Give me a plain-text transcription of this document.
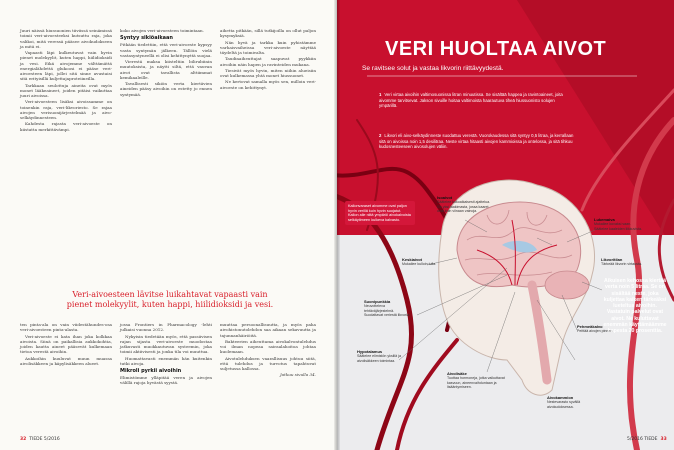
Juuri näissä hiussuonien tiiviissä seinämissä toimii veri-aivoesteeksi kutsuttu raja, joka valikoi, mitä veressä pääsee aivokudokseen ja mitä ei.

Vapaasti läpi kulkeutuvat vain hyvin pienet molekyylit, kuten happi, hiilidioksidi ja vesi. Eikä aivojemme välttämättä energialähdettä glukoosi ei pääse veri-aivoesteen läpi, jollei sitä sinne avustaisi sitä erityisillä kuljettajaproteiineilla.

Tarkkaan seulottuja aineita ovat myös monet lääkeaineet, joiden pitäisi vaikuttaa juuri aivoissa.

Veri-aivoesteen lisäksi aivoissamme on toinenkin raja, veri-likvoriesto. Se rajaa aivojen verisuonijärjestelmää ja aivo-selkäydinnesteen.

Kahdesta rajasta veri-aivoeste on kiistatta merkittävämpi.

koko aivojen veri-aivoesteen toimintaan.

Syntyy sikiöaikaan

Pitkään tiedettiin, että veri-aivoeste kypsyy vasta syntymän jälkeen. Tällöin vielä vastasyntyneellä ei olisi kehittynyttä suojaa.

Vierestä maksa kiisteltiin bilirubiinin muutoksista, ja näytti siltä, että vauvan aivot ovat tavallista alttiimmat kemikaaleille.

Tavallisesti sikiön verta kiertävien aineiden pääsy aivoihin on estetty jo ennen syntymää.

aihetta pitkään, sillä tutkijoilla on ollut paljon kysymyksiä.

Nän hyvä ja tarkka kuin pyhistämme varhaisvaiheissa veri-aivoeste näyttää täydeltä ja toimivalta.

Taudinaiheuttajat saapuvat pyykkiin aivoihin näin hapen ja ravinteiden mukana.

Tiesivät myös hyvin, miten niihin alueisiin ovat kulkemassa yhtä monet hiussuonet.

Ne kertovat samalla myös sen, milloin veri-aivoeste on kehittynyt.

Veri-aivoesteen lävitse luikahtavat vapaasti vain pienet molekyylit, kuten happi, hiilidioksidi ja vesi.

ten pinta-ala on vain viidestähundes-osa veri-aivoesteen pinta-alasta.

Veri-aivoeste ei kata ihan joka kolkkaa aivoista. Siinä on paikallisia aukkokohtia, joiden kautta aineet pääsevät kulkemaan tietoa verestä aivoihin.

Aukkoihin kuuluvat muun muassa aivolisäkkeen ja käpylisäkkeen alueet.

jossa Frontiers in Pharmacology -lehti julkaisi vuonna 2012.

Nykyisin tiedetään myös, että passiivisen rajan sijasta veri-aivoeste muodostaa jatkuvasti muokkautuvan systeemin, joka toimii aktiivisesti ja jonka tila voi muuttua.

Huomattavasti enemmän hän kuitenkin tutki aivoja.

Mikroli pyrkii aivoihin

Elimistömme ylläpitää veren ja aivojen välillä rajoja hyvästä syystä.

muuttaa persoonallisuutta, ja myös paha aivohistonutolehdon saa aikaan sekavuutta ja tajunnanhäiriöitä.

Bakteerien aiheuttama aivokalvontulehdus voi ilman nopeaa sairaalahoitoa johtaa kuolemaan.

Aivotulehduksen vaarallisuus johtuu siitä, että tulehdus ja turvotus tapahtuvat suljetussa kallossa.

Jatkuu sivulla 34.

32 TIEDE 5/2016
VERI HUOLTAA AIVOT
Se ravitsee solut ja vastaa likvorin riittävyydestä.
1 Veri virtaa aivoihin valtimosuonissa litran minuutissa. Se sisältää happea ja ravintoaineet, joita aivomme tarvitsevat. Jakson sivuille hoitaa valtimoista haarautuva tiheä hiussuonisto solujen ympärillä.
2 Likvori eli aivo-selkäydinneste suodattuu verestä. Vuorokaudessa sitä syntyy 0,5 litraa, ja kerrallaan sitä on aivoissa noin 1,5 desilitraa. Neste virtaa hitaasti aivojen kammioissa ja ontelossa, ja sitä tihkuu kudosnesteeseen aivosolujen väliin.
Kallonvaraset aivomme ovat paljon hyvin verillä kuin hyvin suojatut. Kallon alle niitä ympäröi aivokalvoista selkäytimeen kulkeva kalvasto.
Isoaivot
Säätelee kokoaikaisesti ajattelua. On yksi laakimasta, jossa kaaret ovat kuin viinaan vainoja.
Keskiaivot
Mukailee kulloin tulla.
Lukemaiva
Mukailee kovaksi vaan. Säätelee kaaleiden liikkuvista.
Suonipunkkia
Neuvotteleva tehtäväjärjestelmä. Suodattavat veriestä likvoria.
Hypotalamus
Säätelee elimistön yksiliä ja aivolisäkkeen toimintaa.
Aivolisäke
Tuottaa hormoneja, jotka vaikuttavat kasvuun, aineenvaihduntaan ja lisääntymiseen.
Pehmeäkalvo
Peittää aivojen pinnan.
Aivokammion
Nestevarasto syvällä aivokudoksessa.
Likvoritilan
Tärkeää likvorin virtausta.
Aikuisen kehossa kiertää verta noin 5 litraa. Se on sisältää neste, joka kuljettaa kaiken tärkeäksi lueteltua aivoihin. Vastatuin palvelut ovat aivot. Ne kuluttavat enemmän käyttämäämme hapesta 20 prosenttia.
5/2016 TIEDE 33
